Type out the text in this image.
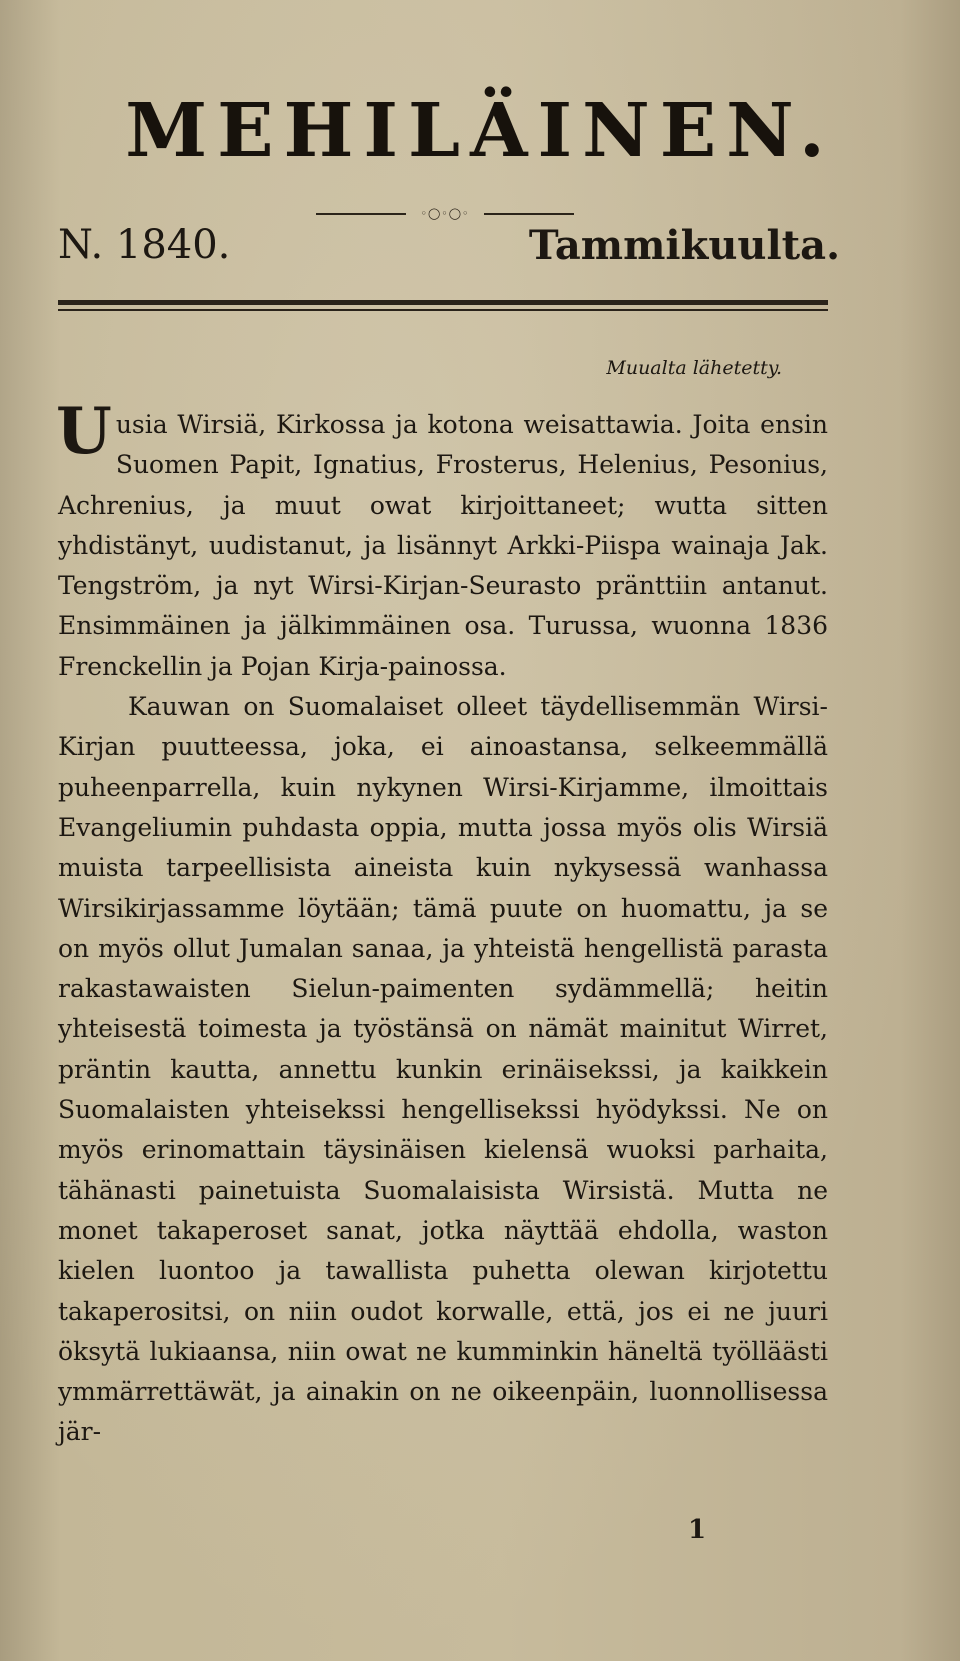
MEHILÄINEN.
◦◯◦◯◦
N. 1840.	Tammikuulta.
Muualta lähetetty.

Uusia Wirsiä, Kirkossa ja kotona weisattawia. Joita ensin Suomen Papit, Ignatius, Frosterus, Helenius, Pesonius, Achrenius, ja muut owat kirjoittaneet; wutta sitten yhdistänyt, uudistanut, ja lisännyt Arkki-Piispa wainaja Jak. Tengström, ja nyt Wirsi-Kirjan-Seurasto pränttiin antanut. Ensimmäinen ja jälkimmäinen osa. Turussa, wuonna 1836 Frenckellin ja Pojan Kirja-painossa.

Kauwan on Suomalaiset olleet täydellisemmän Wirsi-Kirjan puutteessa, joka, ei ainoastansa, selkeemmällä puheenparrella, kuin nykynen Wirsi-Kirjamme, ilmoittais Evangeliumin puhdasta oppia, mutta jossa myös olis Wirsiä muista tarpeellisista aineista kuin nykysessä wanhassa Wirsikirjassamme löytään; tämä puute on huomattu, ja se on myös ollut Jumalan sanaa, ja yhteistä hengellistä parasta rakastawaisten Sielun-paimenten sydämmellä; heitin yhteisestä toimesta ja työstänsä on nämät mainitut Wirret, präntin kautta, annettu kunkin erinäisekssi, ja kaikkein Suomalaisten yhteisekssi hengellisekssi hyödykssi. Ne on myös erinomattain täysinäisen kielensä wuoksi parhaita, tähänasti painetuista Suomalaisista Wirsistä. Mutta ne monet takaperoset sanat, jotka näyttää ehdolla, waston kielen luontoo ja tawallista puhetta olewan kirjotettu takaperositsi, on niin oudot korwalle, että, jos ei ne juuri öksytä lukiaansa, niin owat ne kumminkin häneltä työlläästi ymmärrettäwät, ja ainakin on ne oikeenpäin, luonnollisessa jär-

1
